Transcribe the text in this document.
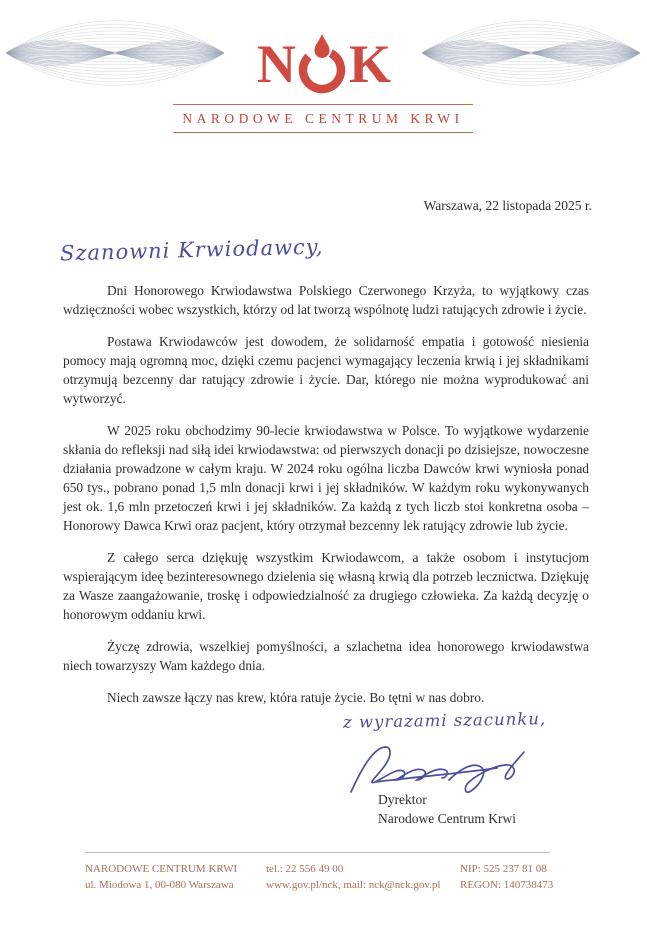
N K
NARODOWE CENTRUM KRWI
Warszawa, 22 listopada 2025 r.
Szanowni Krwiodawcy,

Dni Honorowego Krwiodawstwa Polskiego Czerwonego Krzyża, to wyjątkowy czas wdzięczności wobec wszystkich, którzy od lat tworzą wspólnotę ludzi ratujących zdrowie i życie.

Postawa Krwiodawców jest dowodem, że solidarność empatia i gotowość niesienia pomocy mają ogromną moc, dzięki czemu pacjenci wymagający leczenia krwią i jej składnikami otrzymują bezcenny dar ratujący zdrowie i życie. Dar, którego nie można wyprodukować ani wytworzyć.

W 2025 roku obchodzimy 90-lecie krwiodawstwa w Polsce. To wyjątkowe wydarzenie skłania do refleksji nad siłą idei krwiodawstwa: od pierwszych donacji po dzisiejsze, nowoczesne działania prowadzone w całym kraju. W 2024 roku ogólna liczba Dawców krwi wyniosła ponad 650 tys., pobrano ponad 1,5 mln donacji krwi i jej składników. W każdym roku wykonywanych jest ok. 1,6 mln przetoczeń krwi i jej składników. Za każdą z tych liczb stoi konkretna osoba – Honorowy Dawca Krwi oraz pacjent, który otrzymał bezcenny lek ratujący zdrowie lub życie.

Z całego serca dziękuję wszystkim Krwiodawcom, a także osobom i instytucjom wspierającym ideę bezinteresownego dzielenia się własną krwią dla potrzeb lecznictwa. Dziękuję za Wasze zaangażowanie, troskę i odpowiedzialność za drugiego człowieka. Za każdą decyzję o honorowym oddaniu krwi.

Życzę zdrowia, wszelkiej pomyślności, a szlachetna idea honorowego krwiodawstwa niech towarzyszy Wam każdego dnia.

Niech zawsze łączy nas krew, która ratuje życie. Bo tętni w nas dobro.

z wyrazami szacunku,
Dyrektor
Narodowe Centrum Krwi
NARODOWE CENTRUM KRWI
ul. Miodowa 1, 00-080 Warszawa
tel.: 22 556 49 00
www.gov.pl/nck, mail: nck@nck.gov.pl
NIP: 525 237 81 08
REGON: 140738473
